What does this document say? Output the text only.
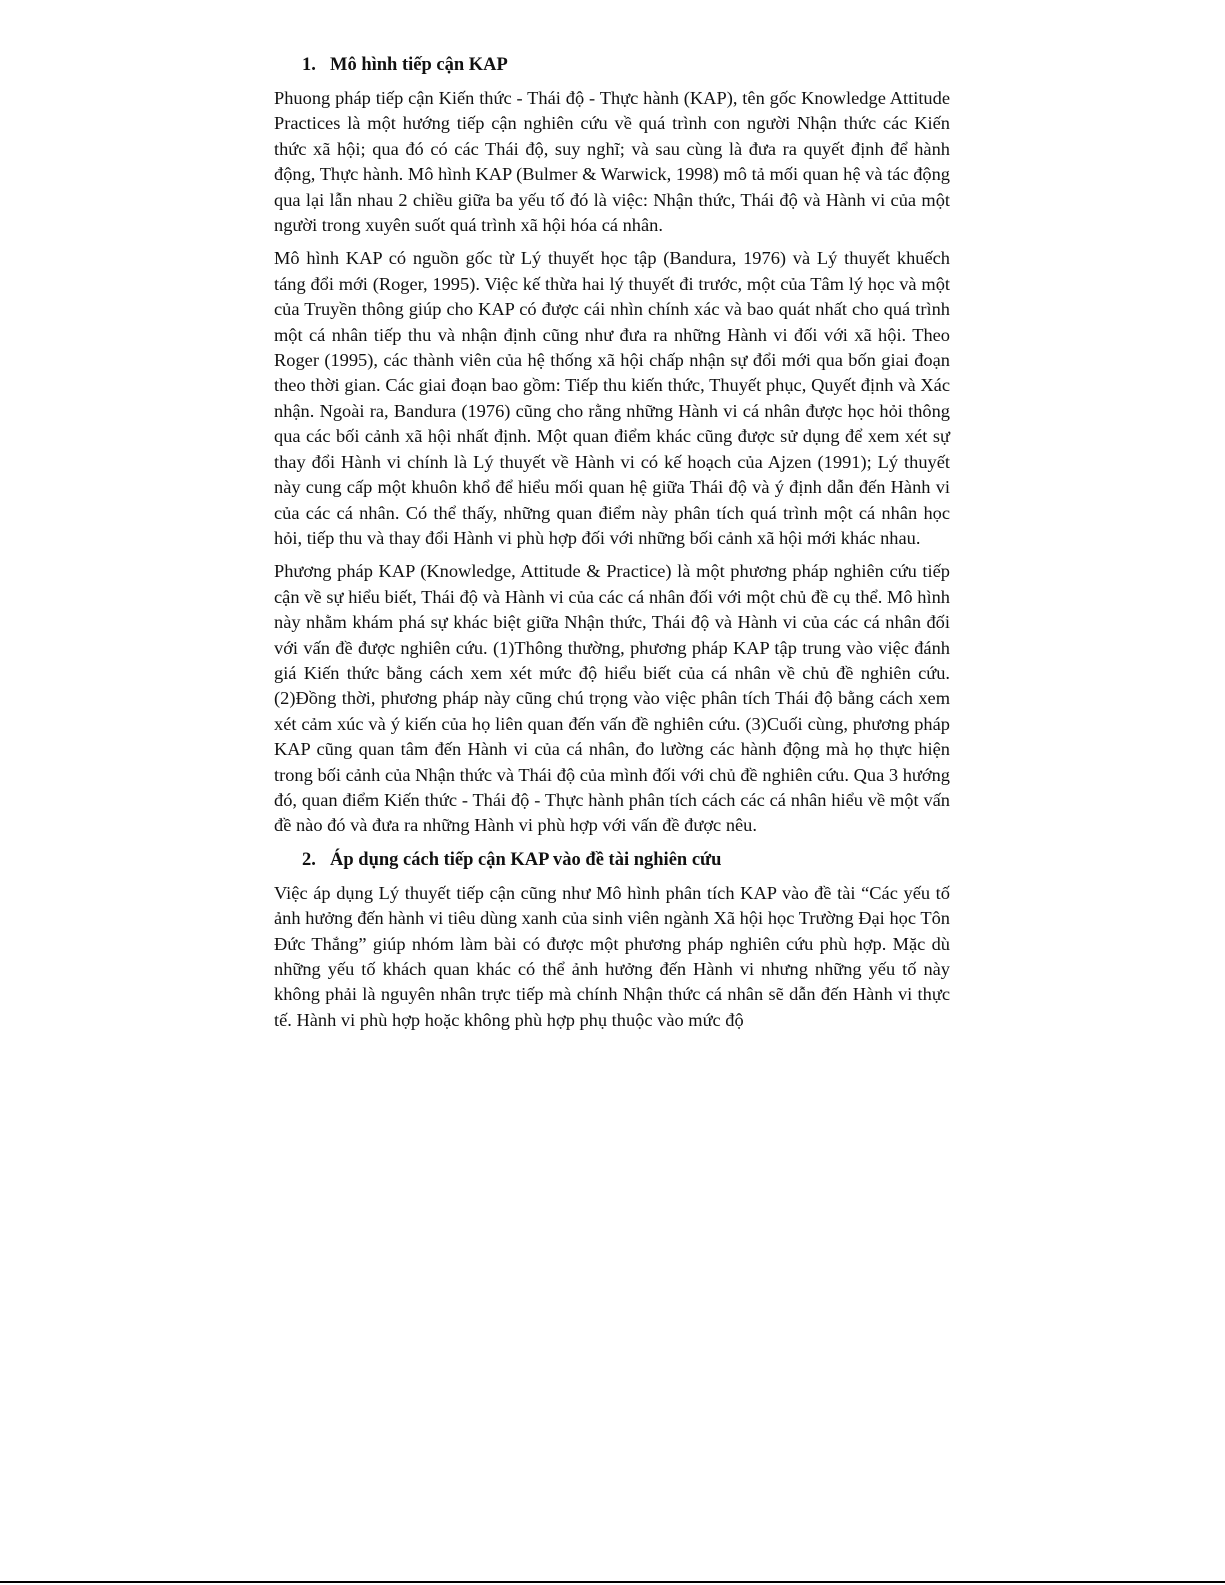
1. Mô hình tiếp cận KAP

Phuong pháp tiếp cận Kiến thức - Thái độ - Thực hành (KAP), tên gốc Knowledge Attitude Practices là một hướng tiếp cận nghiên cứu về quá trình con người Nhận thức các Kiến thức xã hội; qua đó có các Thái độ, suy nghĩ; và sau cùng là đưa ra quyết định để hành động, Thực hành. Mô hình KAP (Bulmer & Warwick, 1998) mô tả mối quan hệ và tác động qua lại lẫn nhau 2 chiều giữa ba yếu tố đó là việc: Nhận thức, Thái độ và Hành vi của một người trong xuyên suốt quá trình xã hội hóa cá nhân.

Mô hình KAP có nguồn gốc từ Lý thuyết học tập (Bandura, 1976) và Lý thuyết khuếch táng đổi mới (Roger, 1995). Việc kế thừa hai lý thuyết đi trước, một của Tâm lý học và một của Truyền thông giúp cho KAP có được cái nhìn chính xác và bao quát nhất cho quá trình một cá nhân tiếp thu và nhận định cũng như đưa ra những Hành vi đối với xã hội. Theo Roger (1995), các thành viên của hệ thống xã hội chấp nhận sự đổi mới qua bốn giai đoạn theo thời gian. Các giai đoạn bao gồm: Tiếp thu kiến thức, Thuyết phục, Quyết định và Xác nhận. Ngoài ra, Bandura (1976) cũng cho rằng những Hành vi cá nhân được học hỏi thông qua các bối cảnh xã hội nhất định. Một quan điểm khác cũng được sử dụng để xem xét sự thay đổi Hành vi chính là Lý thuyết về Hành vi có kế hoạch của Ajzen (1991); Lý thuyết này cung cấp một khuôn khổ để hiểu mối quan hệ giữa Thái độ và ý định dẫn đến Hành vi của các cá nhân. Có thể thấy, những quan điểm này phân tích quá trình một cá nhân học hỏi, tiếp thu và thay đổi Hành vi phù hợp đối với những bối cảnh xã hội mới khác nhau.

Phương pháp KAP (Knowledge, Attitude & Practice) là một phương pháp nghiên cứu tiếp cận về sự hiểu biết, Thái độ và Hành vi của các cá nhân đối với một chủ đề cụ thể. Mô hình này nhằm khám phá sự khác biệt giữa Nhận thức, Thái độ và Hành vi của các cá nhân đối với vấn đề được nghiên cứu. (1)Thông thường, phương pháp KAP tập trung vào việc đánh giá Kiến thức bằng cách xem xét mức độ hiểu biết của cá nhân về chủ đề nghiên cứu. (2)Đồng thời, phương pháp này cũng chú trọng vào việc phân tích Thái độ bằng cách xem xét cảm xúc và ý kiến của họ liên quan đến vấn đề nghiên cứu. (3)Cuối cùng, phương pháp KAP cũng quan tâm đến Hành vi của cá nhân, đo lường các hành động mà họ thực hiện trong bối cảnh của Nhận thức và Thái độ của mình đối với chủ đề nghiên cứu. Qua 3 hướng đó, quan điểm Kiến thức - Thái độ - Thực hành phân tích cách các cá nhân hiểu về một vấn đề nào đó và đưa ra những Hành vi phù hợp với vấn đề được nêu.

2. Áp dụng cách tiếp cận KAP vào đề tài nghiên cứu

Việc áp dụng Lý thuyết tiếp cận cũng như Mô hình phân tích KAP vào đề tài “Các yếu tố ảnh hưởng đến hành vi tiêu dùng xanh của sinh viên ngành Xã hội học Trường Đại học Tôn Đức Thắng” giúp nhóm làm bài có được một phương pháp nghiên cứu phù hợp. Mặc dù những yếu tố khách quan khác có thể ảnh hưởng đến Hành vi nhưng những yếu tố này không phải là nguyên nhân trực tiếp mà chính Nhận thức cá nhân sẽ dẫn đến Hành vi thực tế. Hành vi phù hợp hoặc không phù hợp phụ thuộc vào mức độ
